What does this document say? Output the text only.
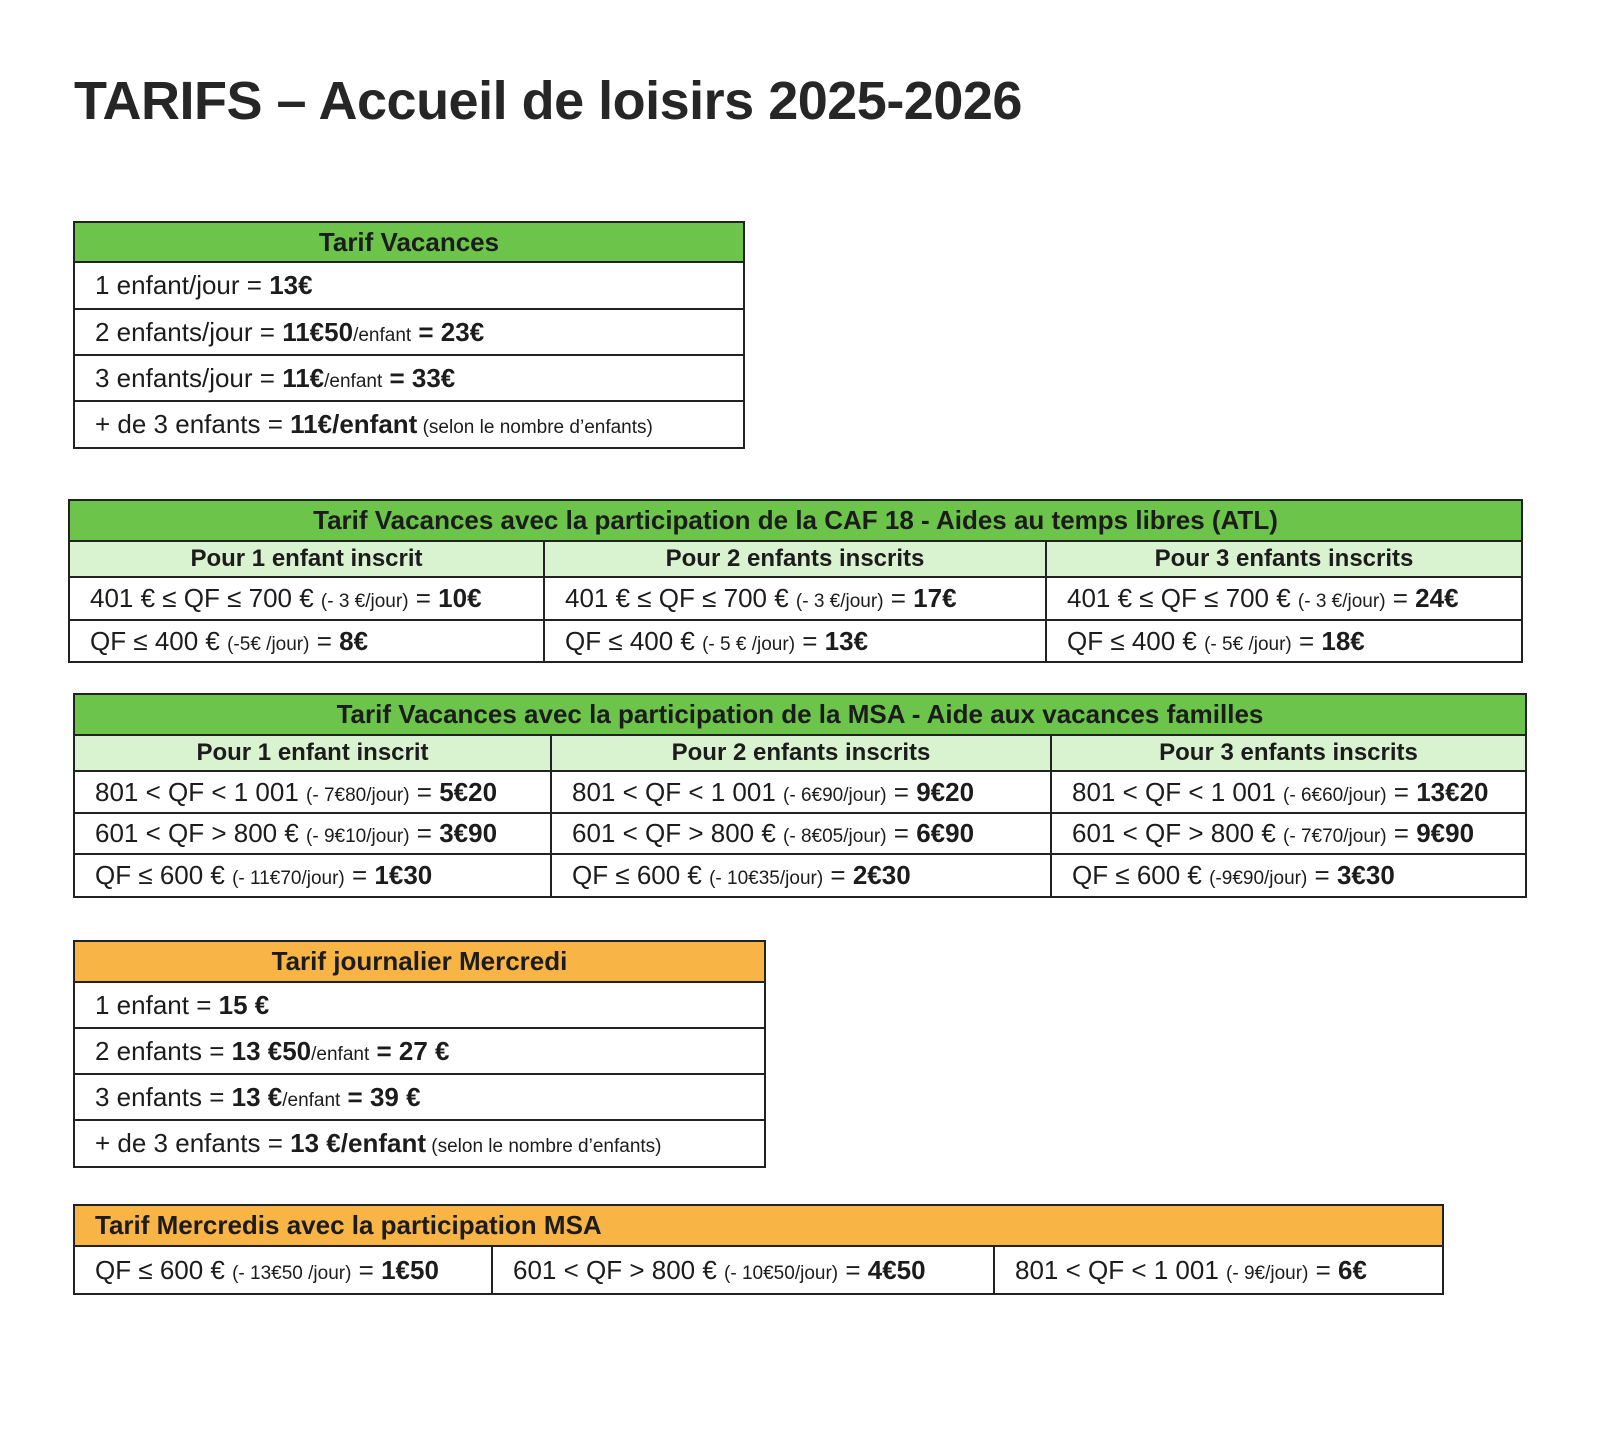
TARIFS – Accueil de loisirs 2025-2026
Tarif Vacances
1 enfant/jour = 13€
2 enfants/jour = 11€50/enfant = 23€
3 enfants/jour = 11€/enfant = 33€
+ de 3 enfants = 11€/enfant (selon le nombre d’enfants)
Tarif Vacances avec la participation de la CAF 18 - Aides au temps libres (ATL)		
Pour 1 enfant inscrit	Pour 2 enfants inscrits	Pour 3 enfants inscrits
401 € ≤ QF ≤ 700 € (- 3 €/jour) = 10€	401 € ≤ QF ≤ 700 € (- 3 €/jour) = 17€	401 € ≤ QF ≤ 700 € (- 3 €/jour) = 24€
QF ≤ 400 € (-5€ /jour) = 8€	QF ≤ 400 € (- 5 € /jour) = 13€	QF ≤ 400 € (- 5€ /jour) = 18€
Tarif Vacances avec la participation de la MSA - Aide aux vacances familles		
Pour 1 enfant inscrit	Pour 2 enfants inscrits	Pour 3 enfants inscrits
801 < QF < 1 001 (- 7€80/jour) = 5€20	801 < QF < 1 001 (- 6€90/jour) = 9€20	801 < QF < 1 001 (- 6€60/jour) = 13€20
601 < QF > 800 € (- 9€10/jour) = 3€90	601 < QF > 800 € (- 8€05/jour) = 6€90	601 < QF > 800 € (- 7€70/jour) = 9€90
QF ≤ 600 € (- 11€70/jour) = 1€30	QF ≤ 600 € (- 10€35/jour) = 2€30	QF ≤ 600 € (-9€90/jour) = 3€30
Tarif journalier Mercredi
1 enfant = 15 €
2 enfants = 13 €50/enfant = 27 €
3 enfants = 13 €/enfant = 39 €
+ de 3 enfants = 13 €/enfant (selon le nombre d’enfants)
Tarif Mercredis avec la participation MSA
QF ≤ 600 € (- 13€50 /jour) = 1€50	601 < QF > 800 € (- 10€50/jour) = 4€50	801 < QF < 1 001 (- 9€/jour) = 6€
